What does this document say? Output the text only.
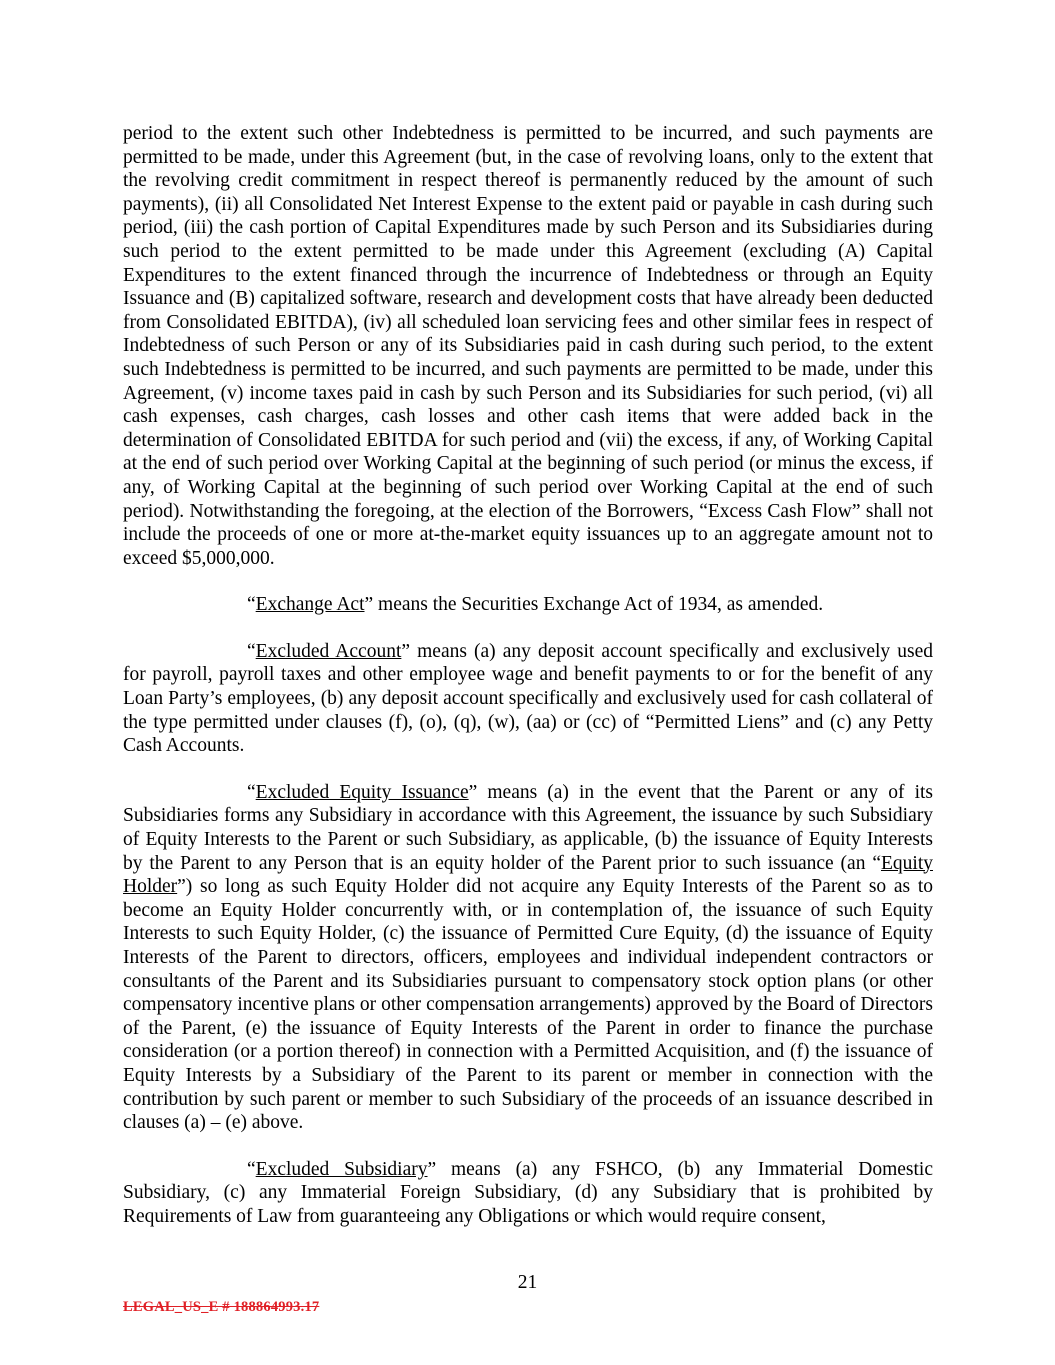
period to the extent such other Indebtedness is permitted to be incurred, and such payments are permitted to be made, under this Agreement (but, in the case of revolving loans, only to the extent that the revolving credit commitment in respect thereof is permanently reduced by the amount of such payments), (ii) all Consolidated Net Interest Expense to the extent paid or payable in cash during such period, (iii) the cash portion of Capital Expenditures made by such Person and its Subsidiaries during such period to the extent permitted to be made under this Agreement (excluding (A) Capital Expenditures to the extent financed through the incurrence of Indebtedness or through an Equity Issuance and (B) capitalized software, research and development costs that have already been deducted from Consolidated EBITDA), (iv) all scheduled loan servicing fees and other similar fees in respect of Indebtedness of such Person or any of its Subsidiaries paid in cash during such period, to the extent such Indebtedness is permitted to be incurred, and such payments are permitted to be made, under this Agreement, (v) income taxes paid in cash by such Person and its Subsidiaries for such period, (vi) all cash expenses, cash charges, cash losses and other cash items that were added back in the determination of Consolidated EBITDA for such period and (vii) the excess, if any, of Working Capital at the end of such period over Working Capital at the beginning of such period (or minus the excess, if any, of Working Capital at the beginning of such period over Working Capital at the end of such period). Notwithstanding the foregoing, at the election of the Borrowers, “Excess Cash Flow” shall not include the proceeds of one or more at-the-market equity issuances up to an aggregate amount not to exceed $5,000,000.

“Exchange Act” means the Securities Exchange Act of 1934, as amended.

“Excluded Account” means (a) any deposit account specifically and exclusively used for payroll, payroll taxes and other employee wage and benefit payments to or for the benefit of any Loan Party’s employees, (b) any deposit account specifically and exclusively used for cash collateral of the type permitted under clauses (f), (o), (q), (w), (aa) or (cc) of “Permitted Liens” and (c) any Petty Cash Accounts.

“Excluded Equity Issuance” means (a) in the event that the Parent or any of its Subsidiaries forms any Subsidiary in accordance with this Agreement, the issuance by such Subsidiary of Equity Interests to the Parent or such Subsidiary, as applicable, (b) the issuance of Equity Interests by the Parent to any Person that is an equity holder of the Parent prior to such issuance (an “Equity Holder”) so long as such Equity Holder did not acquire any Equity Interests of the Parent so as to become an Equity Holder concurrently with, or in contemplation of, the issuance of such Equity Interests to such Equity Holder, (c) the issuance of Permitted Cure Equity, (d) the issuance of Equity Interests of the Parent to directors, officers, employees and individual independent contractors or consultants of the Parent and its Subsidiaries pursuant to compensatory stock option plans (or other compensatory incentive plans or other compensation arrangements) approved by the Board of Directors of the Parent, (e) the issuance of Equity Interests of the Parent in order to finance the purchase consideration (or a portion thereof) in connection with a Permitted Acquisition, and (f) the issuance of Equity Interests by a Subsidiary of the Parent to its parent or member in connection with the contribution by such parent or member to such Subsidiary of the proceeds of an issuance described in clauses (a) – (e) above.

“Excluded Subsidiary” means (a) any FSHCO, (b) any Immaterial Domestic Subsidiary, (c) any Immaterial Foreign Subsidiary, (d) any Subsidiary that is prohibited by Requirements of Law from guaranteeing any Obligations or which would require consent,

21
LEGAL_US_E # 188864993.17
